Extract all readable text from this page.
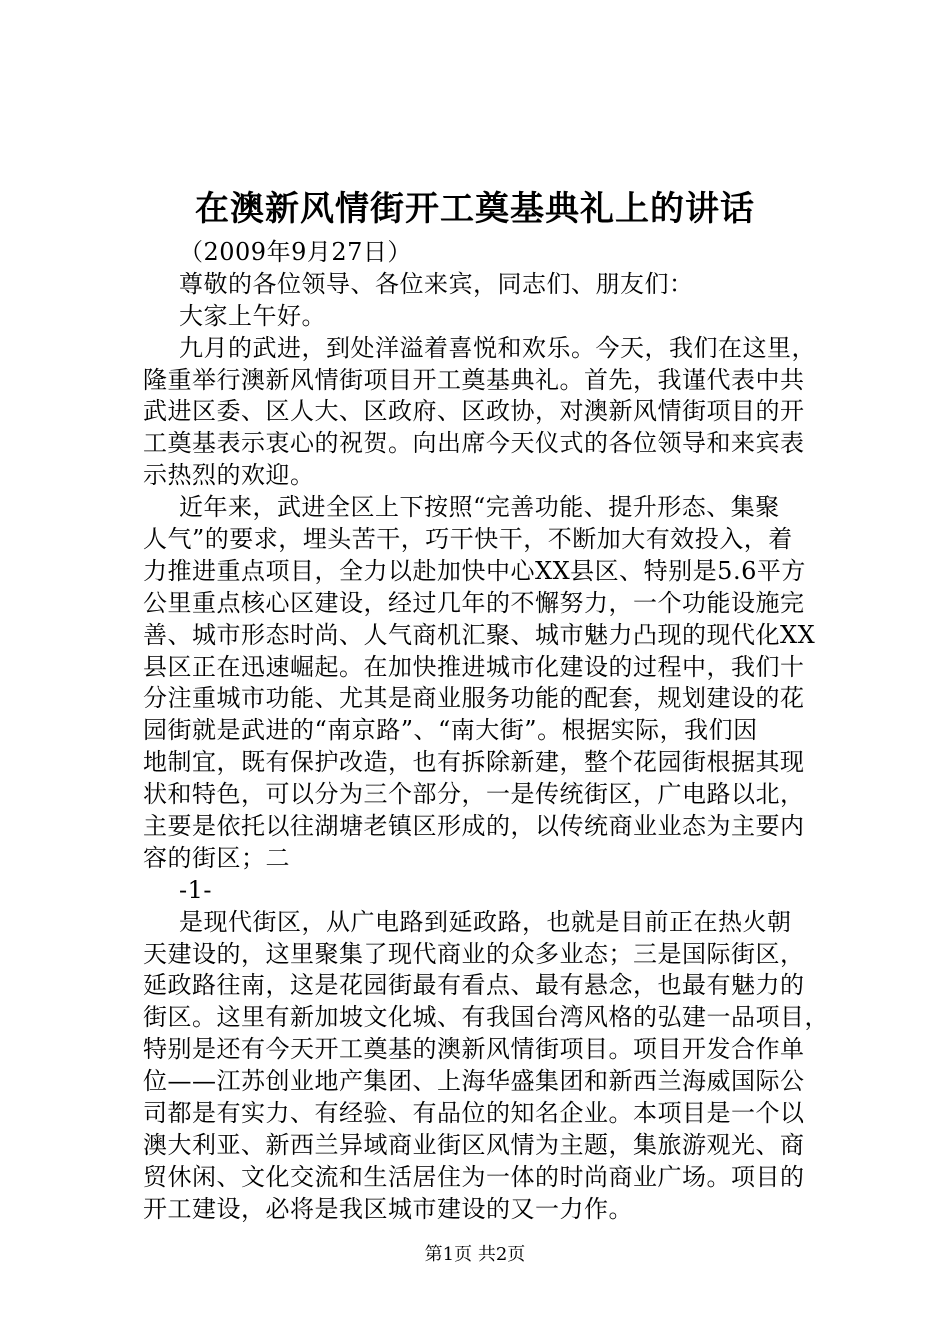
在澳新风情街开工奠基典礼上的讲话
（2009年9月27日）
尊敬的各位领导、各位来宾，同志们、朋友们：
大家上午好。
九月的武进，到处洋溢着喜悦和欢乐。今天，我们在这里，
隆重举行澳新风情街项目开工奠基典礼。首先，我谨代表中共
武进区委、区人大、区政府、区政协，对澳新风情街项目的开
工奠基表示衷心的祝贺。向出席今天仪式的各位领导和来宾表
示热烈的欢迎。
近年来，武进全区上下按照“完善功能、提升形态、集聚
人气”的要求，埋头苦干，巧干快干，不断加大有效投入，着
力推进重点项目，全力以赴加快中心XX县区、特别是5.6平方
公里重点核心区建设，经过几年的不懈努力，一个功能设施完
善、城市形态时尚、人气商机汇聚、城市魅力凸现的现代化XX
县区正在迅速崛起。在加快推进城市化建设的过程中，我们十
分注重城市功能、尤其是商业服务功能的配套，规划建设的花
园街就是武进的“南京路”、“南大街”。根据实际，我们因
地制宜，既有保护改造，也有拆除新建，整个花园街根据其现
状和特色，可以分为三个部分，一是传统街区，广电路以北，
主要是依托以往湖塘老镇区形成的，以传统商业业态为主要内
容的街区；二
-1-
是现代街区，从广电路到延政路，也就是目前正在热火朝
天建设的，这里聚集了现代商业的众多业态；三是国际街区，
延政路往南，这是花园街最有看点、最有悬念，也最有魅力的
街区。这里有新加坡文化城、有我国台湾风格的弘建一品项目，
特别是还有今天开工奠基的澳新风情街项目。项目开发合作单
位——江苏创业地产集团、上海华盛集团和新西兰海威国际公
司都是有实力、有经验、有品位的知名企业。本项目是一个以
澳大利亚、新西兰异域商业街区风情为主题，集旅游观光、商
贸休闲、文化交流和生活居住为一体的时尚商业广场。项目的
开工建设，必将是我区城市建设的又一力作。
第1页 共2页
